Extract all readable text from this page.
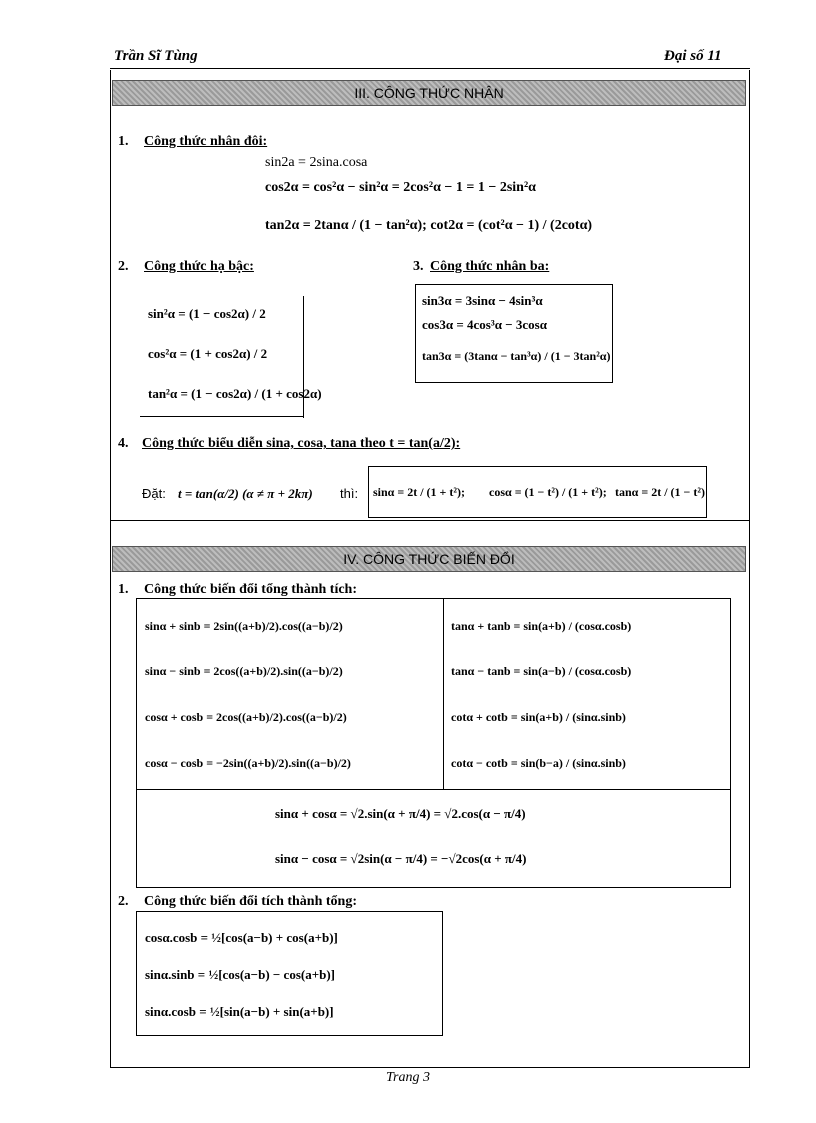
Trần Sĩ Tùng	Đại số 11
III. CÔNG THỨC NHÂN
1. Công thức nhân đôi:
sin2a = 2sina.cosa
cos2α = cos²α − sin²α = 2cos²α − 1 = 1 − 2sin²α
tan2α = 2tanα / (1 − tan²α); cot2α = (cot²α − 1) / (2cotα)
2. Công thức hạ bậc:
sin²α = (1 − cos2α) / 2
cos²α = (1 + cos2α) / 2
tan²α = (1 − cos2α) / (1 + cos2α)
3. Công thức nhân ba:
sin3α = 3sinα − 4sin³α
cos3α = 4cos³α − 3cosα
tan3α = (3tanα − tan³α) / (1 − 3tan²α)
4. Công thức biểu diễn sina, cosa, tana theo t = tan(a/2):
Đặt: t = tan(α/2) (α ≠ π + 2kπ) thì: sinα = 2t / (1 + t²); cosα = (1 − t²) / (1 + t²); tanα = 2t / (1 − t²)
IV. CÔNG THỨC BIẾN ĐỔI
1. Công thức biến đổi tổng thành tích:
sinα + sinb = 2sin((a+b)/2).cos((a−b)/2)
sinα − sinb = 2cos((a+b)/2).sin((a−b)/2)
cosα + cosb = 2cos((a+b)/2).cos((a−b)/2)
cosα − cosb = −2sin((a+b)/2).sin((a−b)/2)
tanα + tanb = sin(a+b) / (cosα.cosb)
tanα − tanb = sin(a−b) / (cosα.cosb)
cotα + cotb = sin(a+b) / (sinα.sinb)
cotα − cotb = sin(b−a) / (sinα.sinb)
sinα + cosα = √2.sin(α + π/4) = √2.cos(α − π/4)
sinα − cosα = √2sin(α − π/4) = −√2cos(α + π/4)
2. Công thức biến đổi tích thành tổng:
cosα.cosb = ½[cos(a−b) + cos(a+b)]
sinα.sinb = ½[cos(a−b) − cos(a+b)]
sinα.cosb = ½[sin(a−b) + sin(a+b)]
Trang 3
